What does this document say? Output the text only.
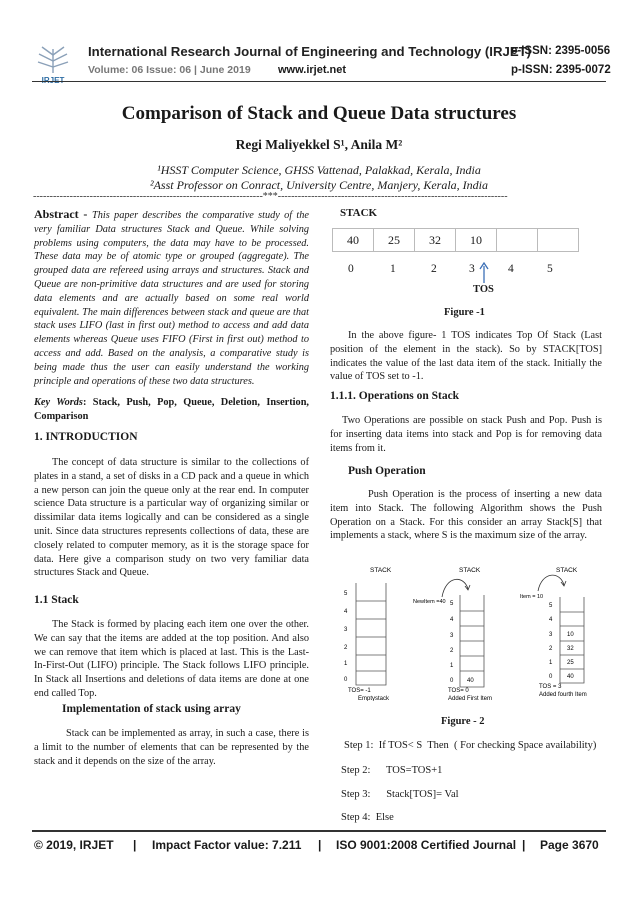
International Research Journal of Engineering and Technology (IRJET)
e-ISSN: 2395-0056
Volume: 06 Issue: 06 | June 2019 www.irjet.net	p-ISSN: 2395-0072
Comparison of Stack and Queue Data structures
Regi Maliyekkel S¹, Anila M²
¹HSST Computer Science, GHSS Vattenad, Palakkad, Kerala, India
²Asst Professor on Conract, University Centre, Manjery, Kerala, India
---------------------------------------------------------------------***---------------------------------------------------------------------

Abstract - This paper describes the comparative study of the very familiar Data structures Stack and Queue. While solving problems using computers, the data may have to be processed. These data may be of atomic type or grouped (aggregate). The grouped data are refereed using arrays and structures. Stack and Queue are non-primitive data structures and are used for storing data elements and are actually based on some real world equivalent. The main differences between stack and queue are that stack uses LIFO (last in first out) method to access and add data elements whereas Queue uses FIFO (First in first out) method to access and add. Based on the analysis, a comparative study is being made thus the user can easily understand the working principle and operations of these two data structures.

Key Words: Stack, Push, Pop, Queue, Deletion, Insertion, Comparison

1. INTRODUCTION
The concept of data structure is similar to the collections of plates in a stand, a set of disks in a CD pack and a queue in which a new person can join the queue only at the rear end. In computer science Data structure is a particular way of organizing similar or dissimilar data items logically and can be considered as a single unit. Since data structures represents collections of data, these are closely related to computer memory, as it is the storage space for data. Here give a comparison study on two very familiar data structures Stack and Queue.
1.1 Stack
The Stack is formed by placing each item one over the other. We can say that the items are added at the top position. And also we can remove that item which is placed at last. This is the Last-In-First-Out (LIFO) principle. The Stack follows LIFO principle. In Stack all Insertions and deletions of data items are done at one end called Top.
Implementation of stack using array
Stack can be implemented as array, in such a case, there is a limit to the number of elements that can be represented by the stack and it depends on the size of the array.
STACK
40	25	32	10		
0	1	2	3	4	5
TOS
Figure -1
In the above figure- 1 TOS indicates Top Of Stack (Last position of the element in the stack). So by STACK[TOS] indicates the value of the last data item of the stack. Initially the value of TOS set to -1.
1.1.1. Operations on Stack
Two Operations are possible on stack Push and Pop. Push is for inserting data items into stack and Pop is for removing data items from it.
Push Operation
Push Operation is the process of inserting a new data item into Stack. The following Algorithm shows the Push Operation on a Stack. For this consider an array Stack[S] that implements a stack, where S is the maximum size of the array.
STACK
5
4
3
2
1
0
TOS= -1
Emptystack
STACK
NewItem =40 5
4
3
2
1
0 40
TOS= 0
Added First Item
STACK
Item = 10
5
4
3
2
1
0
10
32
25
40
TOS = 3
Added fourth Item
Figure - 2
Step 1:  If TOS< S  Then  ( For checking Space availability)
Step 2:      TOS=TOS+1
Step 3:      Stack[TOS]= Val
Step 4:  Else
© 2019, IRJET | Impact Factor value: 7.211 | ISO 9001:2008 Certified Journal | Page 3670
